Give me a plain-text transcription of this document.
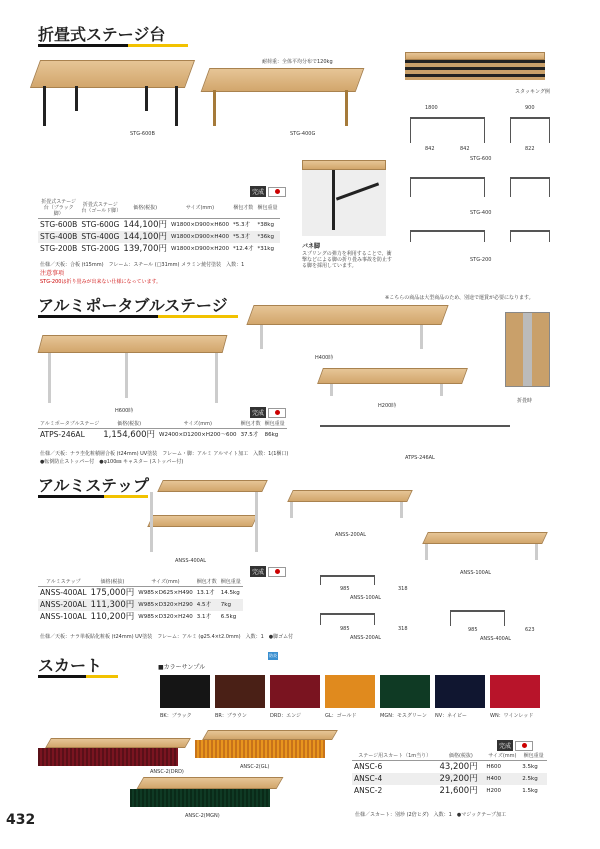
折畳式ステージ台
STG-600B
耐荷重：全体平均分布で120kg
STG-400G
スタッキング例
1800	900
842	842	822
STG-600
STG-400
STG-200
バネ脚
スプリングの弾力を利用することで、衝撃などによる脚の折り畳み事故を防止する脚を採用しています。
完成
折畳式ステージ台（ブラック脚）	折畳式ステージ台（ゴールド脚）	価格(税抜)	サイズ(mm)	梱包才数	梱包重量
STG-600B	STG-600G	144,100円	W1800×D900×H600	*5.3才	*38kg
STG-400B	STG-400G	144,100円	W1800×D900×H400	*5.3才	*36kg
STG-200B	STG-200G	139,700円	W1800×D900×H200	*12.4才	*31kg
仕様／天板：合板 (t15mm)　フレーム：スチール (□31mm) メラミン焼付塗装　入数：1
注意事項
STG-200は折り畳みが出来ない仕様になっています。
アルミポータブルステージ	※こちらの商品は大型商品のため、別途で運賃が必要になります。
H600時
H400時
H200時
折畳時
ATPS-246AL
完成
アルミポータブルステージ	価格(税抜)	サイズ(mm)	梱包才数	梱包重量
ATPS-246AL	1,154,600円	W2400×D1200×H200～600	37.5才	86kg
仕様／天板：ナラ杢化粧積層合板 (t24mm) UV塗装　フレーム・脚：アルミ アルマイト加工　入数：1(1梱口)
●転倒防止ストッパー付　●φ100㎜ キャスター (ストッパー付)
アルミステップ
ANSS-400AL
ANSS-200AL
ANSS-100AL
985	318
ANSS-100AL
985	318
ANSS-200AL
985	623
ANSS-400AL
完成
アルミステップ	価格(税抜)	サイズ(mm)	梱包才数	梱包重量
ANSS-400AL	175,000円	W985×D625×H490	13.1才	14.5kg
ANSS-200AL	111,300円	W985×D320×H290	4.5才	7kg
ANSS-100AL	110,200円	W985×D320×H240	3.1才	6.5kg
仕様／天板：ナラ単板貼化粧板 (t24mm) UV塗装　フレーム：アルミ (φ25.4×t2.0mm)　入数：1　●脚ゴム付
スカート	■カラーサンプル
防炎
BK：ブラック	BR：ブラウン	DRD：エンジ	GL：ゴールド	MGN：モスグリーン NV：ネイビー	WN：ワインレッド
ANSC-2(DRD)
ANSC-2(GL)
ANSC-2(MGN)
完成
ステージ用スカート（1m当り）	価格(税抜)	サイズ(mm)	梱包重量
ANSC-6	43,200円	H600	3.5kg
ANSC-4	29,200円	H400	2.5kg
ANSC-2	21,600円	H200	1.5kg
仕様／スカート：別珍 (2倍ヒダ)　入数：1　●マジックテープ加工
432
